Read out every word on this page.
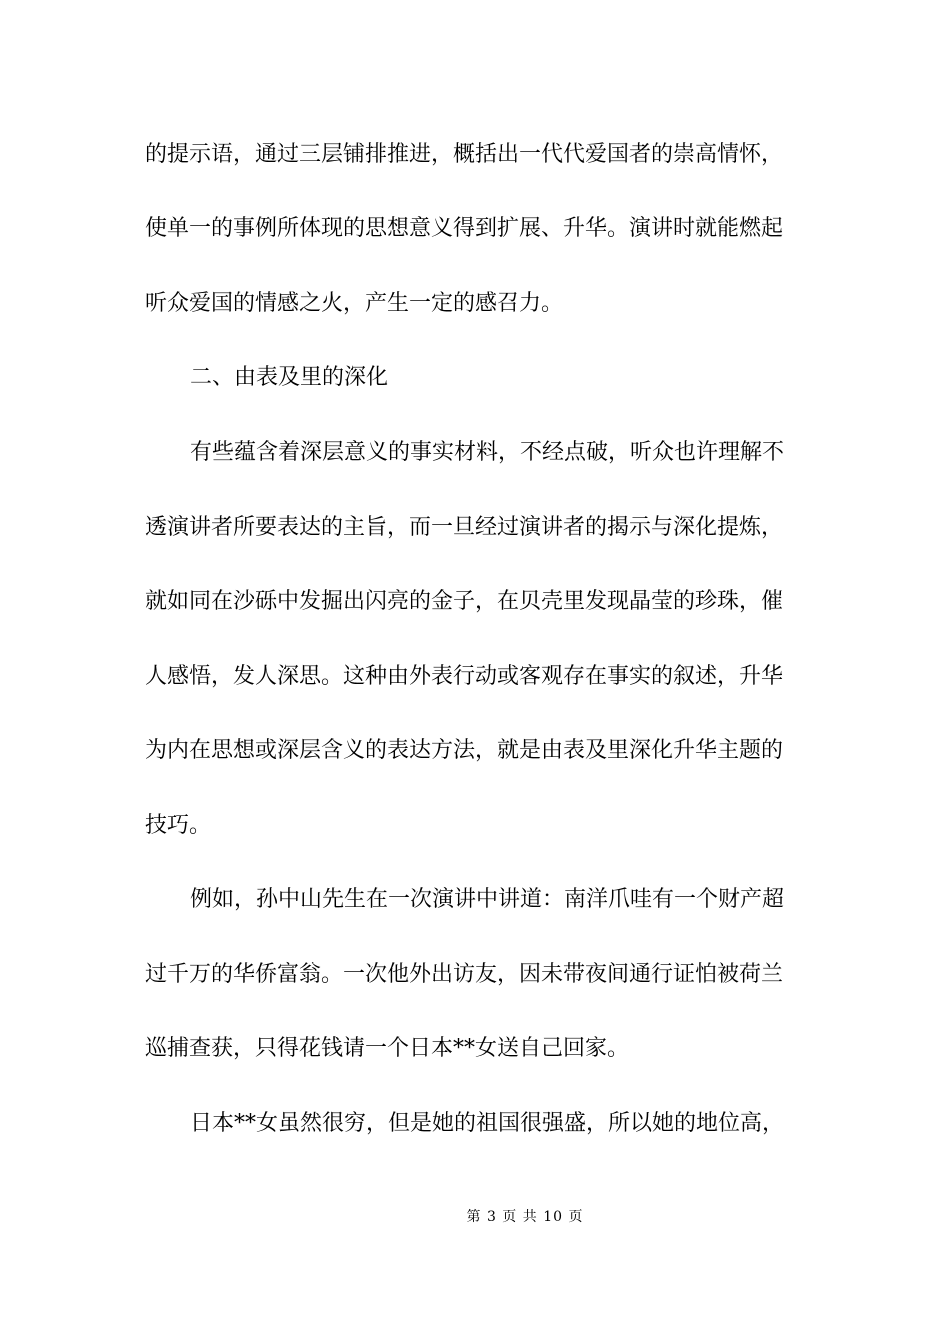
的提示语，通过三层铺排推进，概括出一代代爱国者的崇高情怀，
使单一的事例所体现的思想意义得到扩展、升华。演讲时就能燃起
听众爱国的情感之火，产生一定的感召力。
二、由表及里的深化
有些蕴含着深层意义的事实材料，不经点破，听众也许理解不
透演讲者所要表达的主旨，而一旦经过演讲者的揭示与深化提炼，
就如同在沙砾中发掘出闪亮的金子，在贝壳里发现晶莹的珍珠，催
人感悟，发人深思。这种由外表行动或客观存在事实的叙述，升华
为内在思想或深层含义的表达方法，就是由表及里深化升华主题的
技巧。
例如，孙中山先生在一次演讲中讲道：南洋爪哇有一个财产超
过千万的华侨富翁。一次他外出访友，因未带夜间通行证怕被荷兰
巡捕查获，只得花钱请一个日本**女送自己回家。
日本**女虽然很穷，但是她的祖国很强盛，所以她的地位高，
第 3 页 共 10 页
